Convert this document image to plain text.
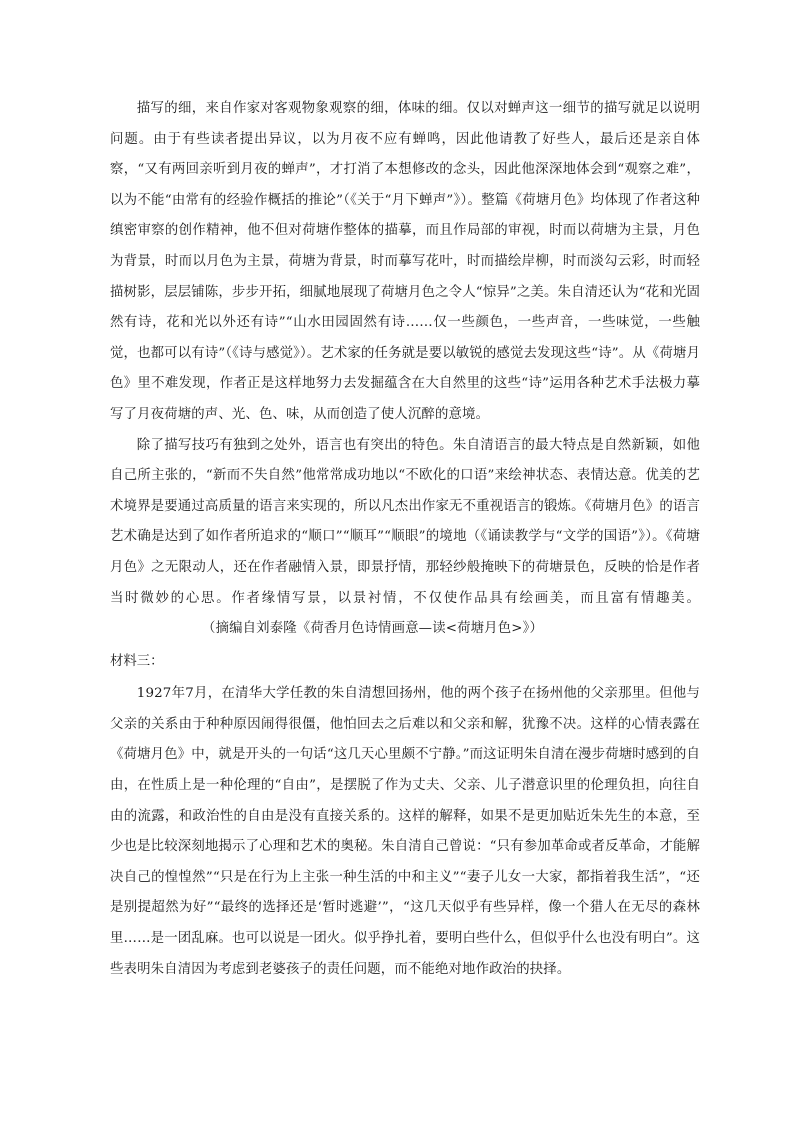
描写的细，来自作家对客观物象观察的细，体味的细。仅以对蝉声这一细节的描写就足以说明问题。由于有些读者提出异议，以为月夜不应有蝉鸣，因此他请教了好些人，最后还是亲自体察，“又有两回亲听到月夜的蝉声”，才打消了本想修改的念头，因此他深深地体会到“观察之难”，以为不能“由常有的经验作概括的推论”（《关于“月下蝉声”》）。整篇《荷塘月色》均体现了作者这种缜密审察的创作精神，他不但对荷塘作整体的描摹，而且作局部的审视，时而以荷塘为主景，月色为背景，时而以月色为主景，荷塘为背景，时而摹写花叶，时而描绘岸柳，时而淡勾云彩，时而轻描树影，层层铺陈，步步开拓，细腻地展现了荷塘月色之令人“惊异”之美。朱自清还认为“花和光固然有诗，花和光以外还有诗”“山水田园固然有诗……仅一些颜色，一些声音，一些味觉，一些触觉，也都可以有诗”（《诗与感觉》）。艺术家的任务就是要以敏锐的感觉去发现这些“诗”。从《荷塘月色》里不难发现，作者正是这样地努力去发掘蕴含在大自然里的这些“诗”运用各种艺术手法极力摹写了月夜荷塘的声、光、色、味，从而创造了使人沉醉的意境。

除了描写技巧有独到之处外，语言也有突出的特色。朱自清语言的最大特点是自然新颖，如他自己所主张的，“新而不失自然”他常常成功地以“不欧化的口语”来绘神状态、表情达意。优美的艺术境界是要通过高质量的语言来实现的，所以凡杰出作家无不重视语言的锻炼。《荷塘月色》的语言艺术确是达到了如作者所追求的“顺口”“顺耳”“顺眼”的境地（《诵读教学与“文学的国语”》）。《荷塘月色》之无限动人，还在作者融情入景，即景抒情，那轻纱般掩映下的荷塘景色，反映的恰是作者当时微妙的心思。作者缘情写景，以景衬情，不仅使作品具有绘画美，而且富有情趣美。（摘编自刘泰隆《荷香月色诗情画意—读<荷塘月色>》）

材料三：

1927年7月，在清华大学任教的朱自清想回扬州，他的两个孩子在扬州他的父亲那里。但他与父亲的关系由于种种原因闹得很僵，他怕回去之后难以和父亲和解，犹豫不决。这样的心情表露在《荷塘月色》中，就是开头的一句话“这几天心里颇不宁静。”而这证明朱自清在漫步荷塘时感到的自由，在性质上是一种伦理的“自由”，是摆脱了作为丈夫、父亲、儿子潜意识里的伦理负担，向往自由的流露，和政治性的自由是没有直接关系的。这样的解释，如果不是更加贴近朱先生的本意，至少也是比较深刻地揭示了心理和艺术的奥秘。朱自清自己曾说：“只有参加革命或者反革命，才能解决自己的惶惶然”“只是在行为上主张一种生活的中和主义”“妻子儿女一大家，都指着我生活”，“还是别提超然为好”“最终的选择还是‘暂时逃避’”，“这几天似乎有些异样，像一个猎人在无尽的森林里……是一团乱麻。也可以说是一团火。似乎挣扎着，要明白些什么，但似乎什么也没有明白”。这些表明朱自清因为考虑到老婆孩子的责任问题，而不能绝对地作政治的抉择。
